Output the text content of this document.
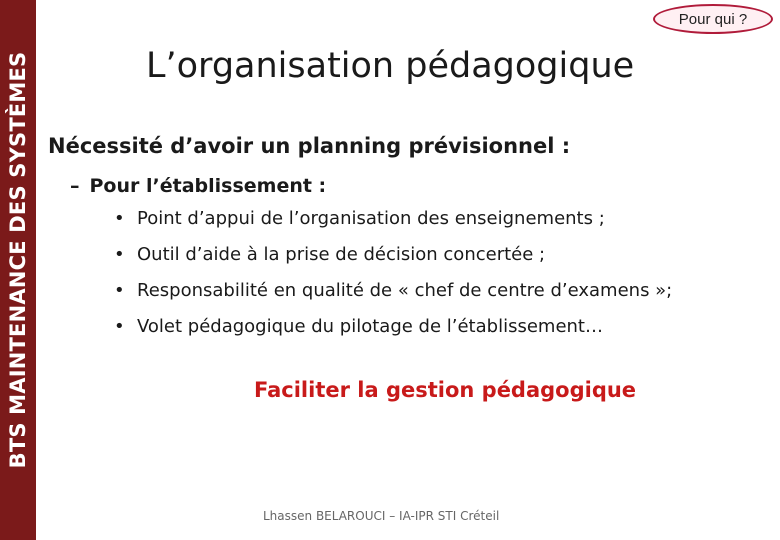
BTS MAINTENANCE DES SYSTÈMES
Pour qui ?
L’organisation pédagogique
Nécessité d’avoir un planning prévisionnel :
– Pour l’établissement :
• Point d’appui de l’organisation des enseignements ;
• Outil d’aide à la prise de décision concertée ;
• Responsabilité en qualité de « chef de centre d’examens »;
• Volet pédagogique du pilotage de l’établissement…
Faciliter la gestion pédagogique
Lhassen BELAROUCI – IA-IPR STI Créteil
